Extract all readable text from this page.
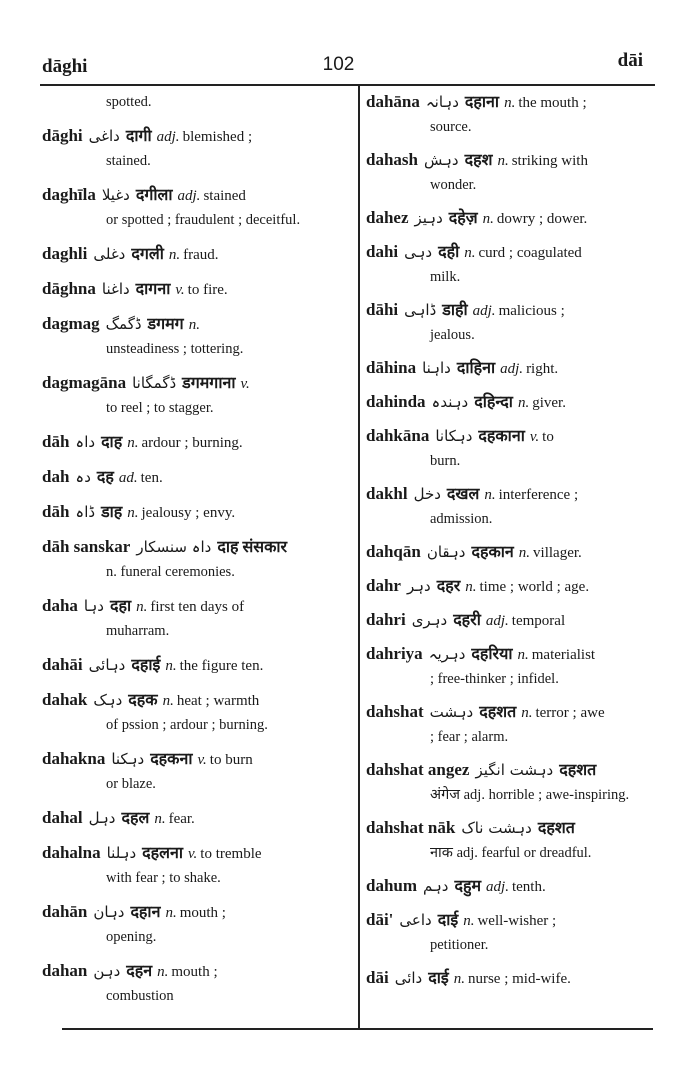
dāghi	102	dāi
spotted.
dāghi داغی दागी adj. blemished ;
stained.
daghīla دغیلا दगीला adj. stained
or spotted ; fraudulent ; deceitful.
daghli دغلی दगली n. fraud.
dāghna داغنا दागना v. to fire.
dagmag ڈگمگ डगमग n.
unsteadiness ; tottering.
dagmagāna ڈگمگانا डगमगाना v.
to reel ; to stagger.
dāh داہ दाह n. ardour ; burning.
dah دہ दह ad. ten.
dāh ڈاہ डाह n. jealousy ; envy.
dāh sanskar داہ سنسکار दाह संसकार
n. funeral ceremonies.
daha دہا दहा n. first ten days of
muharram.
dahāi دہائی दहाई n. the figure ten.
dahak دہک दहक n. heat ; warmth
of pssion ; ardour ; burning.
dahakna دہکنا दहकना v. to burn
or blaze.
dahal دہل दहल n. fear.
dahalna دہلنا दहलना v. to tremble
with fear ; to shake.
dahān دہان दहान n. mouth ;
opening.
dahan دہن दहन n. mouth ;
combustion
dahāna دہانہ दहाना n. the mouth ;
source.
dahash دہش दहश n. striking with
wonder.
dahez دہیز दहेज़ n. dowry ; dower.
dahi دہی दही n. curd ; coagulated
milk.
dāhi ڈاہی डाही adj. malicious ;
jealous.
dāhina داہنا दाहिना adj. right.
dahinda دہندہ दहिन्दा n. giver.
dahkāna دہکانا दहकाना v. to
burn.
dakhl دخل दखल n. interference ;
admission.
dahqān دہقان दहकान n. villager.
dahr دہر दहर n. time ; world ; age.
dahri دہری दहरी adj. temporal
dahriya دہریہ दहरिया n. materialist
; free-thinker ; infidel.
dahshat دہشت दहशत n. terror ; awe
; fear ; alarm.
dahshat angez دہشت انگیز दहशत
अंगेज adj. horrible ; awe-inspiring.
dahshat nāk دہشت ناک दहशत
नाक adj. fearful or dreadful.
dahum دہم दहुम adj. tenth.
dāi' داعی दाई n. well-wisher ;
petitioner.
dāi دائی दाई n. nurse ; mid-wife.
